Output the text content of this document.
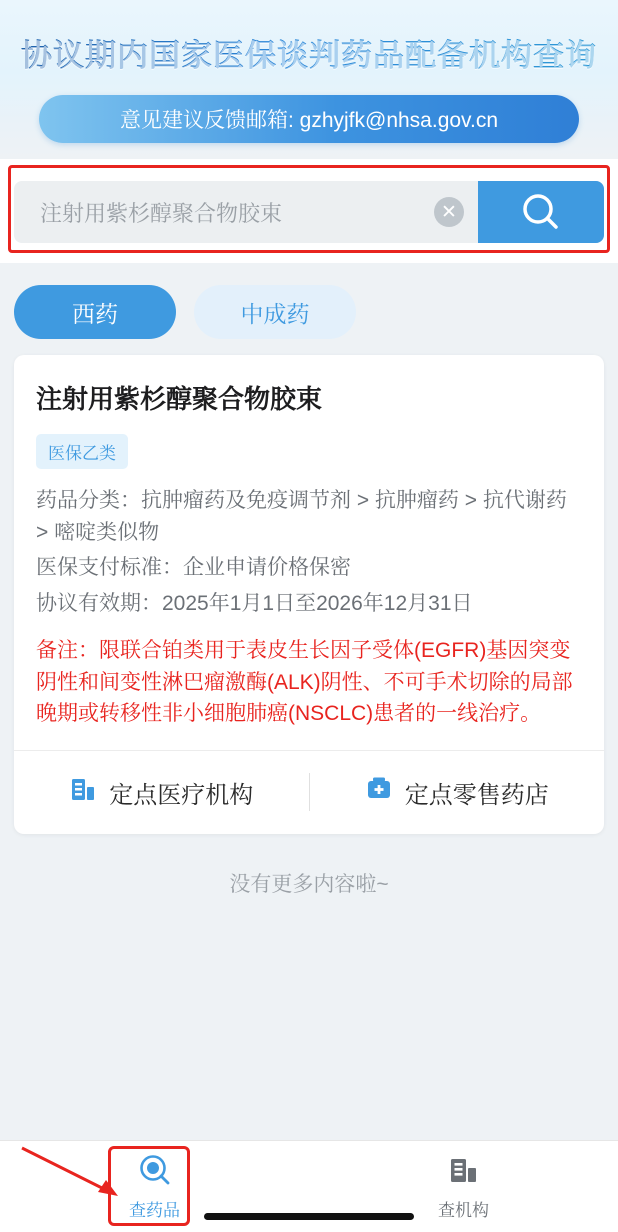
协议期内国家医保谈判药品配备机构查询
意见建议反馈邮箱: gzhyjfk@nhsa.gov.cn
注射用紫杉醇聚合物胶束
✕
西药	中成药
注射用紫杉醇聚合物胶束
医保乙类
药品分类：抗肿瘤药及免疫调节剂 > 抗肿瘤药 > 抗代谢药 > 嘧啶类似物
医保支付标准：企业申请价格保密
协议有效期：2025年1月1日至2026年12月31日
备注：限联合铂类用于表皮生长因子受体(EGFR)基因突变阴性和间变性淋巴瘤激酶(ALK)阴性、不可手术切除的局部晚期或转移性非小细胞肺癌(NSCLC)患者的一线治疗。
定点医疗机构	定点零售药店
没有更多内容啦~
查药品	查机构
